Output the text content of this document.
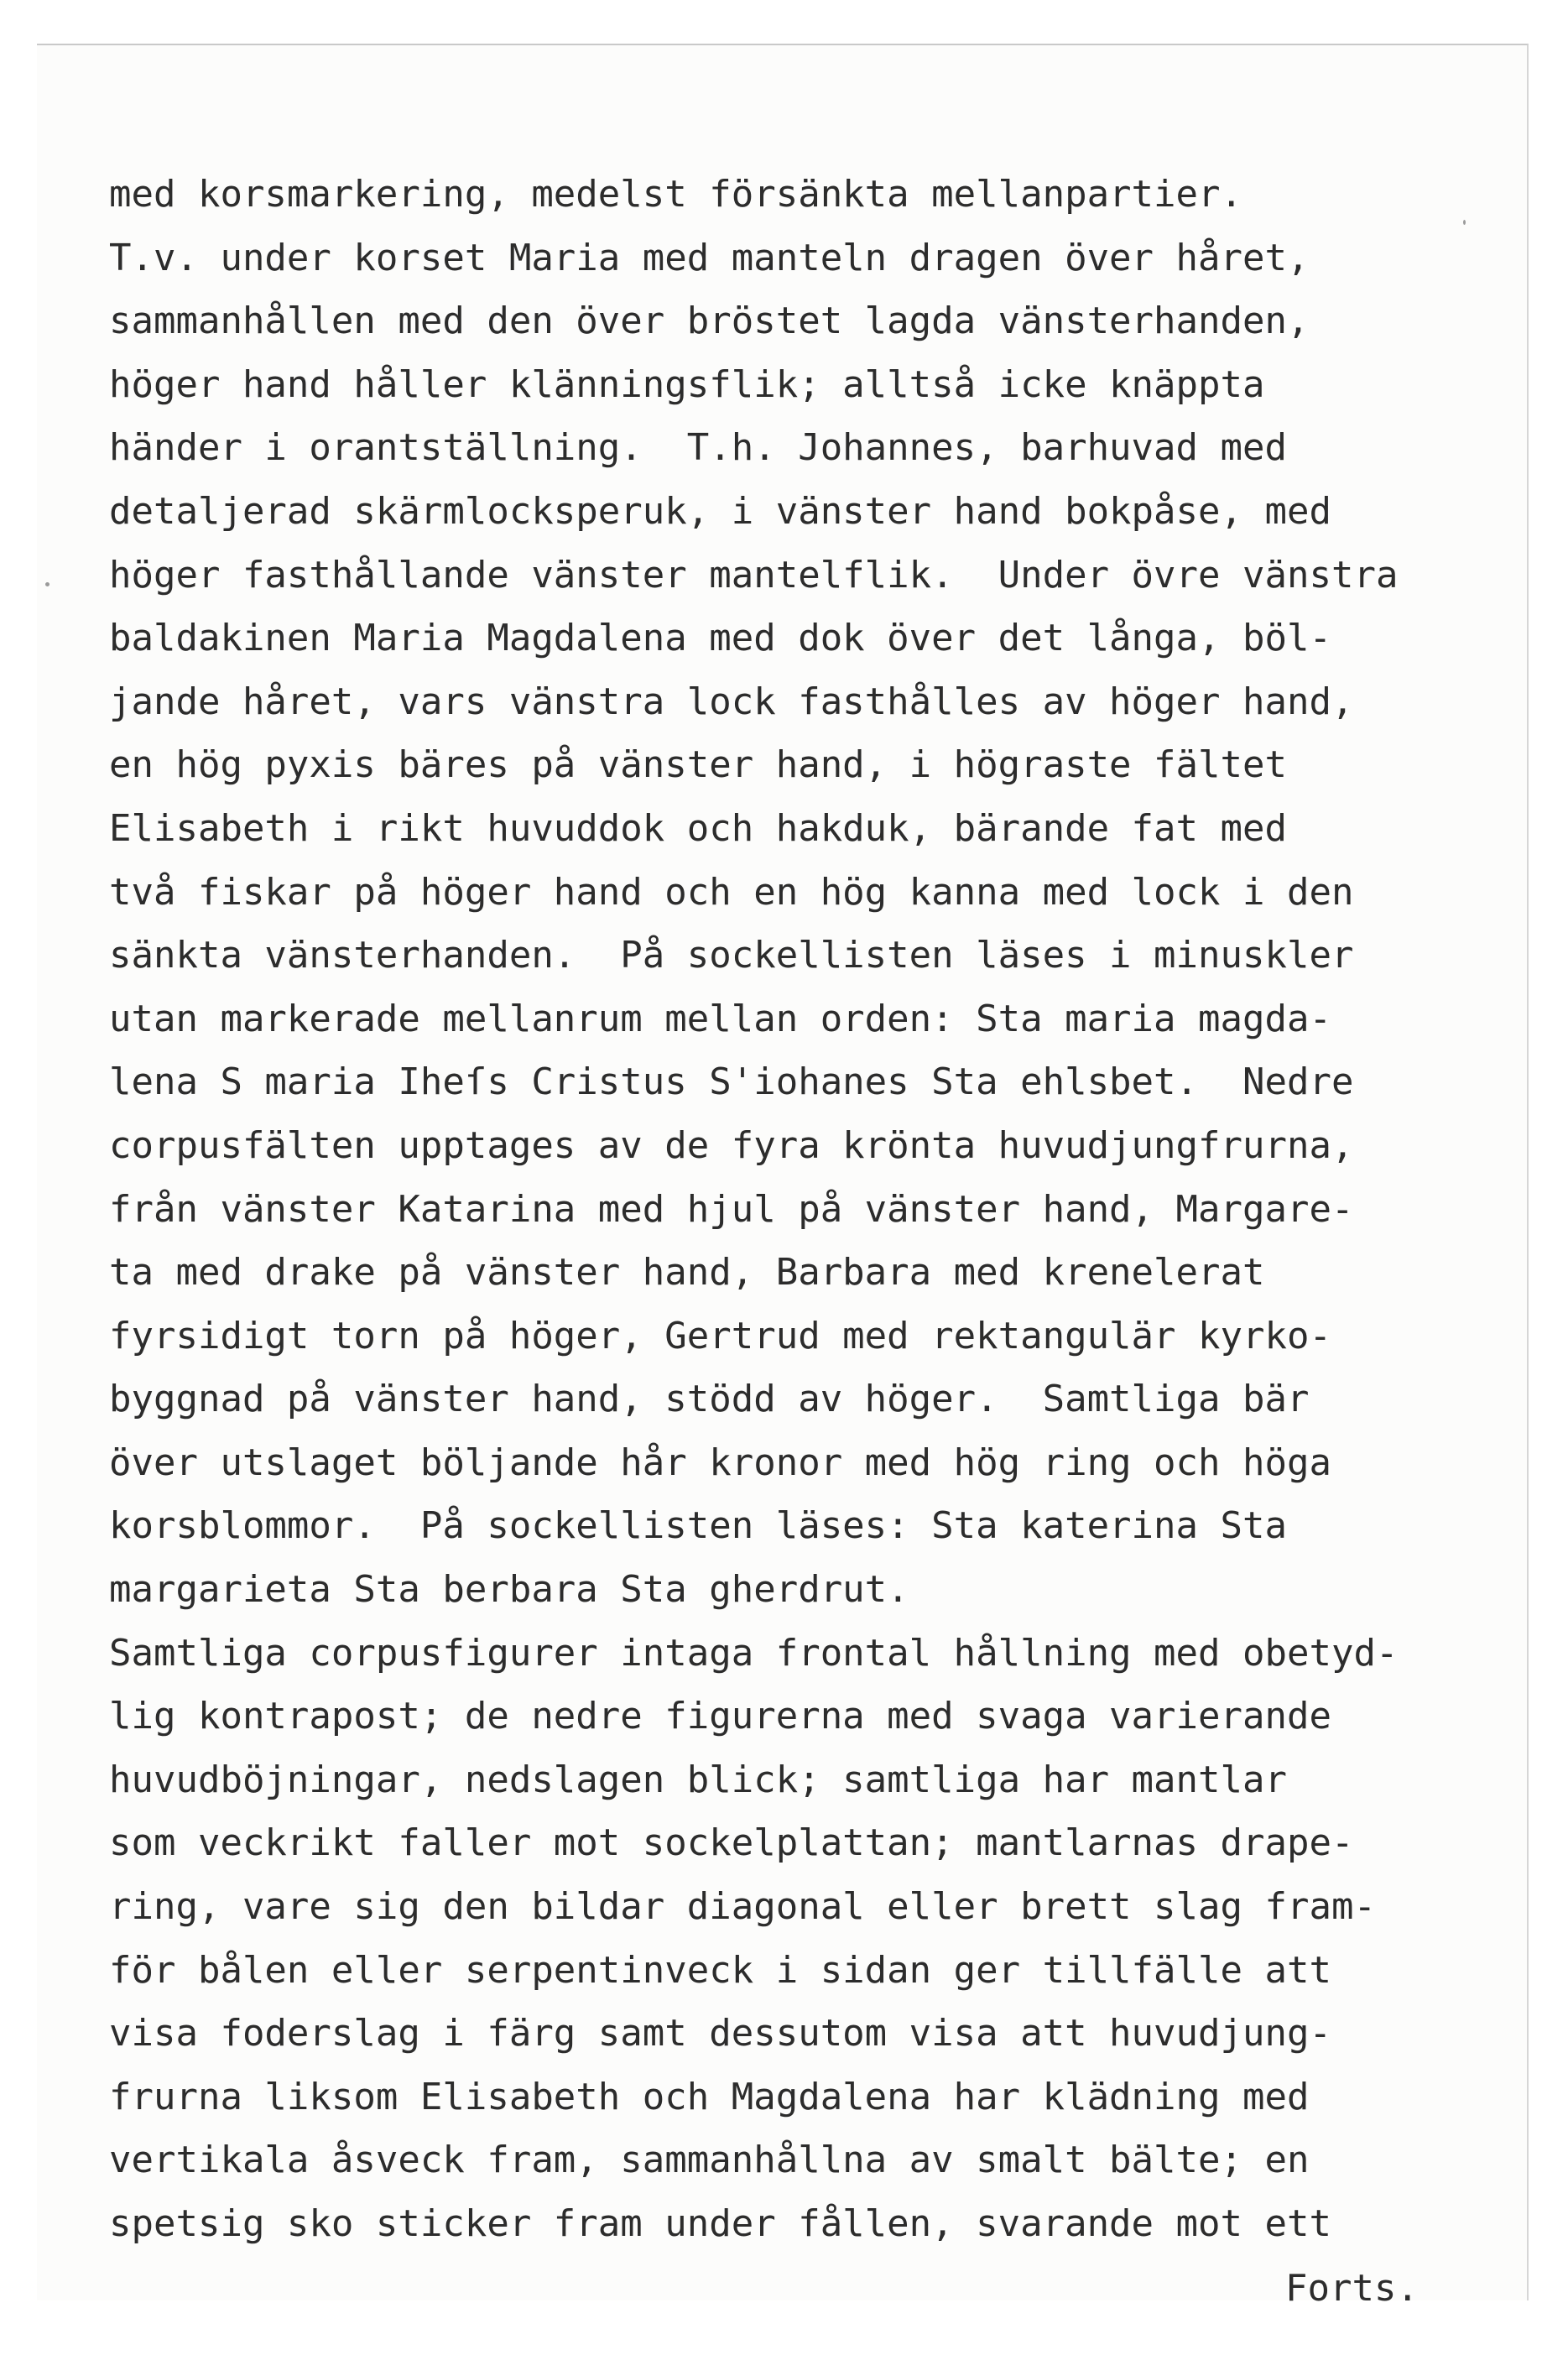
med korsmarkering, medelst försänkta mellanpartier.
T.v. under korset Maria med manteln dragen över håret,
sammanhållen med den över bröstet lagda vänsterhanden,
höger hand håller klänningsflik; alltså icke knäppta
händer i orantställning.  T.h. Johannes, barhuvad med
detaljerad skärmlocksperuk, i vänster hand bokpåse, med
höger fasthållande vänster mantelflik.  Under övre vänstra
baldakinen Maria Magdalena med dok över det långa, böl-
jande håret, vars vänstra lock fasthålles av höger hand,
en hög pyxis bäres på vänster hand, i högraste fältet
Elisabeth i rikt huvuddok och hakduk, bärande fat med
två fiskar på höger hand och en hög kanna med lock i den
sänkta vänsterhanden.  På sockellisten läses i minuskler
utan markerade mellanrum mellan orden: Sta maria magda-
lena S maria Iheſs Cristus S'iohanes Sta ehlsbet.  Nedre
corpusfälten upptages av de fyra krönta huvudjungfrurna,
från vänster Katarina med hjul på vänster hand, Margare-
ta med drake på vänster hand, Barbara med krenelerat
fyrsidigt torn på höger, Gertrud med rektangulär kyrko-
byggnad på vänster hand, stödd av höger.  Samtliga bär
över utslaget böljande hår kronor med hög ring och höga
korsblommor.  På sockellisten läses: Sta katerina Sta
margarieta Sta berbara Sta gherdrut.
Samtliga corpusfigurer intaga frontal hållning med obetyd-
lig kontrapost; de nedre figurerna med svaga varierande
huvudböjningar, nedslagen blick; samtliga har mantlar
som veckrikt faller mot sockelplattan; mantlarnas drape-
ring, vare sig den bildar diagonal eller brett slag fram-
för bålen eller serpentinveck i sidan ger tillfälle att
visa foderslag i färg samt dessutom visa att huvudjung-
frurna liksom Elisabeth och Magdalena har klädning med
vertikala åsveck fram, sammanhållna av smalt bälte; en
spetsig sko sticker fram under fållen, svarande mot ett
Forts.
